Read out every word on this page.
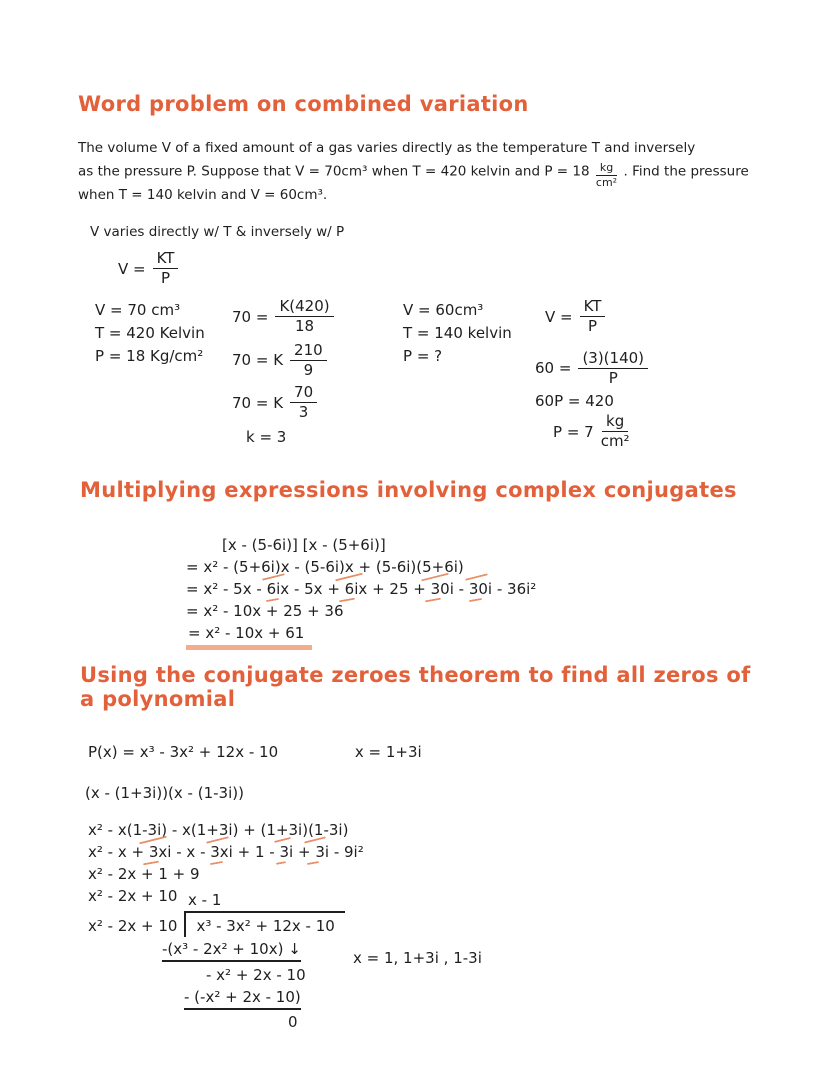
Word problem on combined variation
The volume V of a fixed amount of a gas varies directly as the temperature T and inversely
as the pressure P. Suppose that V = 70cm³ when T = 420 kelvin and $P = 18 \frac{kg}{\text{cm²}}$ . Find the pressure
when T = 140 kelvin and V = 60cm³.
V varies directly w/ T & inversely w/ P
$V = \frac{KT}{P}$
V = 70 cm³
T = 420 Kelvin
P = 18 Kg/cm²
$70 = \frac{K(420)}{18}$
70 = K $\frac{210}{9}$
70 = K $\frac{70}{3}$
k = 3
V = 60cm³
T = 140 kelvin
P = ?
$V = \frac{KT}{P}$
$60 = \frac{(3)(140)}{P}$
60P = 420
$P = 7 \frac{kg}{\text{cm²}}$
Multiplying expressions involving complex conjugates
[x - (5-6i)] [x - (5+6i)]
= x² - (5+6i)x - (5-6i)x + (5-6i)(5+6i)
= x² - 5x - 6ix - 5x + 6ix + 25 + 30i - 30i - 36i²
= x² - 10x + 25 + 36
= x² - 10x + 61
Using the conjugate zeroes theorem to find all zeros of
a polynomial
P(x) = x³ - 3x² + 12x - 10	x = 1+3i
(x - (1+3i))(x - (1-3i))
x² - x(1-3i) - x(1+3i) + (1+3i)(1-3i)
x² - x + 3xi - x - 3xi + 1 - 3i + 3i - 9i²
x² - 2x + 1 + 9
x² - 2x + 10 x - 1
x² - 2x + 10	x³ - 3x² + 12x - 10
-(x³ - 2x² + 10x) ↓
- x² + 2x - 10
- (-x² + 2x - 10)
0
x = 1, 1+3i , 1-3i
